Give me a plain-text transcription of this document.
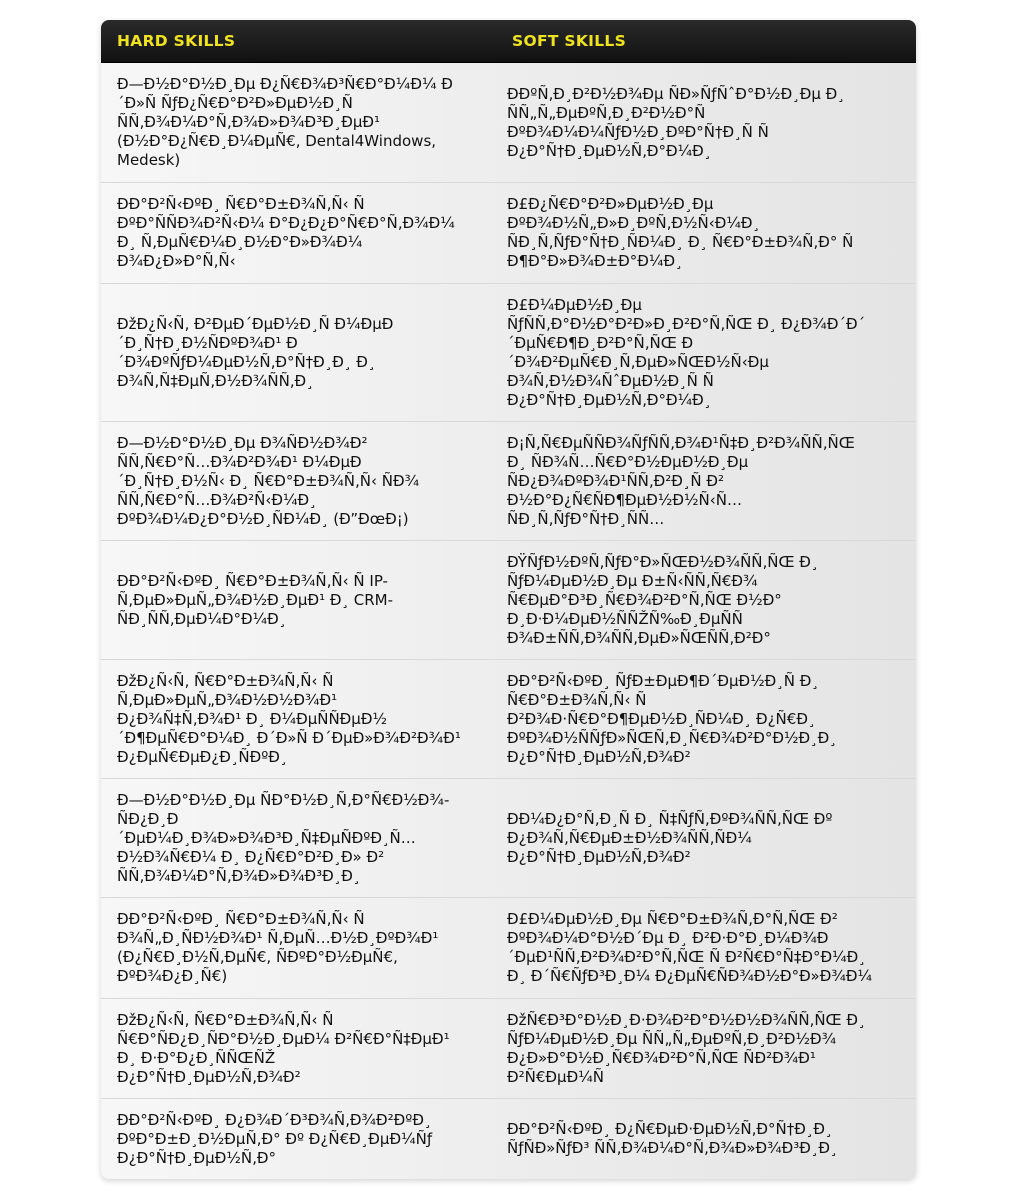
HARD SKILLS	SOFT SKILLS
Ð—Ð½Ð°Ð½Ð¸Ðµ Ð¿Ñ€Ð¾Ð³Ñ€Ð°Ð¼Ð¼ Ð
´Ð»Ñ ÑƒÐ¿Ñ€Ð°Ð²Ð»ÐµÐ½Ð¸Ñ
ÑÑ‚Ð¾Ð¼Ð°Ñ‚Ð¾Ð»Ð¾Ð³Ð¸ÐµÐ¹
(Ð½Ð°Ð¿Ñ€Ð¸Ð¼ÐµÑ€, Dental4Windows,
Medesk)
ÐÐºÑ‚Ð¸Ð²Ð½Ð¾Ðµ ÑÐ»ÑƒÑˆÐ°Ð½Ð¸Ðµ Ð¸
ÑÑ„Ñ„ÐµÐºÑ‚Ð¸Ð²Ð½Ð°Ñ
ÐºÐ¾Ð¼Ð¼ÑƒÐ½Ð¸ÐºÐ°Ñ†Ð¸Ñ Ñ
Ð¿Ð°Ñ†Ð¸ÐµÐ½Ñ‚Ð°Ð¼Ð¸
ÐÐ°Ð²Ñ‹ÐºÐ¸ Ñ€Ð°Ð±Ð¾Ñ‚Ñ‹ Ñ
ÐºÐ°ÑÑÐ¾Ð²Ñ‹Ð¼ Ð°Ð¿Ð¿Ð°Ñ€Ð°Ñ‚Ð¾Ð¼
Ð¸ Ñ‚ÐµÑ€Ð¼Ð¸Ð½Ð°Ð»Ð¾Ð¼
Ð¾Ð¿Ð»Ð°Ñ‚Ñ‹
Ð£Ð¿Ñ€Ð°Ð²Ð»ÐµÐ½Ð¸Ðµ
ÐºÐ¾Ð½Ñ„Ð»Ð¸ÐºÑ‚Ð½Ñ‹Ð¼Ð¸
ÑÐ¸Ñ‚ÑƒÐ°Ñ†Ð¸ÑÐ¼Ð¸ Ð¸ Ñ€Ð°Ð±Ð¾Ñ‚Ð° Ñ
Ð¶Ð°Ð»Ð¾Ð±Ð°Ð¼Ð¸
ÐžÐ¿Ñ‹Ñ‚ Ð²ÐµÐ´ÐµÐ½Ð¸Ñ Ð¼ÐµÐ
´Ð¸Ñ†Ð¸Ð½ÑÐºÐ¾Ð¹ Ð
´Ð¾ÐºÑƒÐ¼ÐµÐ½Ñ‚Ð°Ñ†Ð¸Ð¸ Ð¸
Ð¾Ñ‚Ñ‡ÐµÑ‚Ð½Ð¾ÑÑ‚Ð¸
Ð£Ð¼ÐµÐ½Ð¸Ðµ
ÑƒÑÑ‚Ð°Ð½Ð°Ð²Ð»Ð¸Ð²Ð°Ñ‚ÑŒ Ð¸ Ð¿Ð¾Ð´Ð´
´ÐµÑ€Ð¶Ð¸Ð²Ð°Ñ‚ÑŒ Ð
´Ð¾Ð²ÐµÑ€Ð¸Ñ‚ÐµÐ»ÑŒÐ½Ñ‹Ðµ
Ð¾Ñ‚Ð½Ð¾ÑˆÐµÐ½Ð¸Ñ Ñ
Ð¿Ð°Ñ†Ð¸ÐµÐ½Ñ‚Ð°Ð¼Ð¸
Ð—Ð½Ð°Ð½Ð¸Ðµ Ð¾ÑÐ½Ð¾Ð²
ÑÑ‚Ñ€Ð°Ñ…Ð¾Ð²Ð¾Ð¹ Ð¼ÐµÐ
´Ð¸Ñ†Ð¸Ð½Ñ‹ Ð¸ Ñ€Ð°Ð±Ð¾Ñ‚Ñ‹ ÑÐ¾
ÑÑ‚Ñ€Ð°Ñ…Ð¾Ð²Ñ‹Ð¼Ð¸
ÐºÐ¾Ð¼Ð¿Ð°Ð½Ð¸ÑÐ¼Ð¸ (Ð”ÐœÐ¡)
Ð¡Ñ‚Ñ€ÐµÑÑÐ¾ÑƒÑÑ‚Ð¾Ð¹Ñ‡Ð¸Ð²Ð¾ÑÑ‚ÑŒ
Ð¸ ÑÐ¾Ñ…Ñ€Ð°Ð½ÐµÐ½Ð¸Ðµ
ÑÐ¿Ð¾ÐºÐ¾Ð¹ÑÑ‚Ð²Ð¸Ñ Ð²
Ð½Ð°Ð¿Ñ€ÑÐ¶ÐµÐ½Ð½Ñ‹Ñ…
ÑÐ¸Ñ‚ÑƒÐ°Ñ†Ð¸ÑÑ…
ÐÐ°Ð²Ñ‹ÐºÐ¸ Ñ€Ð°Ð±Ð¾Ñ‚Ñ‹ Ñ IP-
Ñ‚ÐµÐ»ÐµÑ„Ð¾Ð½Ð¸ÐµÐ¹ Ð¸ CRM-
ÑÐ¸ÑÑ‚ÐµÐ¼Ð°Ð¼Ð¸
ÐŸÑƒÐ½ÐºÑ‚ÑƒÐ°Ð»ÑŒÐ½Ð¾ÑÑ‚ÑŒ Ð¸
ÑƒÐ¼ÐµÐ½Ð¸Ðµ Ð±Ñ‹ÑÑ‚Ñ€Ð¾
Ñ€ÐµÐ°Ð³Ð¸Ñ€Ð¾Ð²Ð°Ñ‚ÑŒ Ð½Ð°
Ð¸Ð·Ð¼ÐµÐ½ÑÑŽÑ‰Ð¸ÐµÑÑ
Ð¾Ð±ÑÑ‚Ð¾ÑÑ‚ÐµÐ»ÑŒÑÑ‚Ð²Ð°
ÐžÐ¿Ñ‹Ñ‚ Ñ€Ð°Ð±Ð¾Ñ‚Ñ‹ Ñ
Ñ‚ÐµÐ»ÐµÑ„Ð¾Ð½Ð½Ð¾Ð¹
Ð¿Ð¾Ñ‡Ñ‚Ð¾Ð¹ Ð¸ Ð¼ÐµÑÑÐµÐ½
´Ð¶ÐµÑ€Ð°Ð¼Ð¸ Ð´Ð»Ñ Ð´ÐµÐ»Ð¾Ð²Ð¾Ð¹
Ð¿ÐµÑ€ÐµÐ¿Ð¸ÑÐºÐ¸
ÐÐ°Ð²Ñ‹ÐºÐ¸ ÑƒÐ±ÐµÐ¶Ð´ÐµÐ½Ð¸Ñ Ð¸
Ñ€Ð°Ð±Ð¾Ñ‚Ñ‹ Ñ
Ð²Ð¾Ð·Ñ€Ð°Ð¶ÐµÐ½Ð¸ÑÐ¼Ð¸ Ð¿Ñ€Ð¸
ÐºÐ¾Ð½ÑÑƒÐ»ÑŒÑ‚Ð¸Ñ€Ð¾Ð²Ð°Ð½Ð¸Ð¸
Ð¿Ð°Ñ†Ð¸ÐµÐ½Ñ‚Ð¾Ð²
Ð—Ð½Ð°Ð½Ð¸Ðµ ÑÐ°Ð½Ð¸Ñ‚Ð°Ñ€Ð½Ð¾-
ÑÐ¿Ð¸Ð
´ÐµÐ¼Ð¸Ð¾Ð»Ð¾Ð³Ð¸Ñ‡ÐµÑÐºÐ¸Ñ…
Ð½Ð¾Ñ€Ð¼ Ð¸ Ð¿Ñ€Ð°Ð²Ð¸Ð» Ð²
ÑÑ‚Ð¾Ð¼Ð°Ñ‚Ð¾Ð»Ð¾Ð³Ð¸Ð¸
ÐÐ¼Ð¿Ð°Ñ‚Ð¸Ñ Ð¸ Ñ‡ÑƒÑ‚ÐºÐ¾ÑÑ‚ÑŒ Ðº
Ð¿Ð¾Ñ‚Ñ€ÐµÐ±Ð½Ð¾ÑÑ‚ÑÐ¼
Ð¿Ð°Ñ†Ð¸ÐµÐ½Ñ‚Ð¾Ð²
ÐÐ°Ð²Ñ‹ÐºÐ¸ Ñ€Ð°Ð±Ð¾Ñ‚Ñ‹ Ñ
Ð¾Ñ„Ð¸ÑÐ½Ð¾Ð¹ Ñ‚ÐµÑ…Ð½Ð¸ÐºÐ¾Ð¹
(Ð¿Ñ€Ð¸Ð½Ñ‚ÐµÑ€, ÑÐºÐ°Ð½ÐµÑ€,
ÐºÐ¾Ð¿Ð¸Ñ€)
Ð£Ð¼ÐµÐ½Ð¸Ðµ Ñ€Ð°Ð±Ð¾Ñ‚Ð°Ñ‚ÑŒ Ð²
ÐºÐ¾Ð¼Ð°Ð½Ð´Ðµ Ð¸ Ð²Ð·Ð°Ð¸Ð¼Ð¾Ð
´ÐµÐ¹ÑÑ‚Ð²Ð¾Ð²Ð°Ñ‚ÑŒ Ñ Ð²Ñ€Ð°Ñ‡Ð°Ð¼Ð¸
Ð¸ Ð´Ñ€ÑƒÐ³Ð¸Ð¼ Ð¿ÐµÑ€ÑÐ¾Ð½Ð°Ð»Ð¾Ð¼
ÐžÐ¿Ñ‹Ñ‚ Ñ€Ð°Ð±Ð¾Ñ‚Ñ‹ Ñ
Ñ€Ð°ÑÐ¿Ð¸ÑÐ°Ð½Ð¸ÐµÐ¼ Ð²Ñ€Ð°Ñ‡ÐµÐ¹
Ð¸ Ð·Ð°Ð¿Ð¸ÑÑŒÑŽ
Ð¿Ð°Ñ†Ð¸ÐµÐ½Ñ‚Ð¾Ð²
ÐžÑ€Ð³Ð°Ð½Ð¸Ð·Ð¾Ð²Ð°Ð½Ð½Ð¾ÑÑ‚ÑŒ Ð¸
ÑƒÐ¼ÐµÐ½Ð¸Ðµ ÑÑ„Ñ„ÐµÐºÑ‚Ð¸Ð²Ð½Ð¾
Ð¿Ð»Ð°Ð½Ð¸Ñ€Ð¾Ð²Ð°Ñ‚ÑŒ ÑÐ²Ð¾Ð¹
Ð²Ñ€ÐµÐ¼Ñ
ÐÐ°Ð²Ñ‹ÐºÐ¸ Ð¿Ð¾Ð´Ð³Ð¾Ñ‚Ð¾Ð²ÐºÐ¸
ÐºÐ°Ð±Ð¸Ð½ÐµÑ‚Ð° Ðº Ð¿Ñ€Ð¸ÐµÐ¼Ñƒ
Ð¿Ð°Ñ†Ð¸ÐµÐ½Ñ‚Ð°
ÐÐ°Ð²Ñ‹ÐºÐ¸ Ð¿Ñ€ÐµÐ·ÐµÐ½Ñ‚Ð°Ñ†Ð¸Ð¸
ÑƒÑÐ»ÑƒÐ³ ÑÑ‚Ð¾Ð¼Ð°Ñ‚Ð¾Ð»Ð¾Ð³Ð¸Ð¸
